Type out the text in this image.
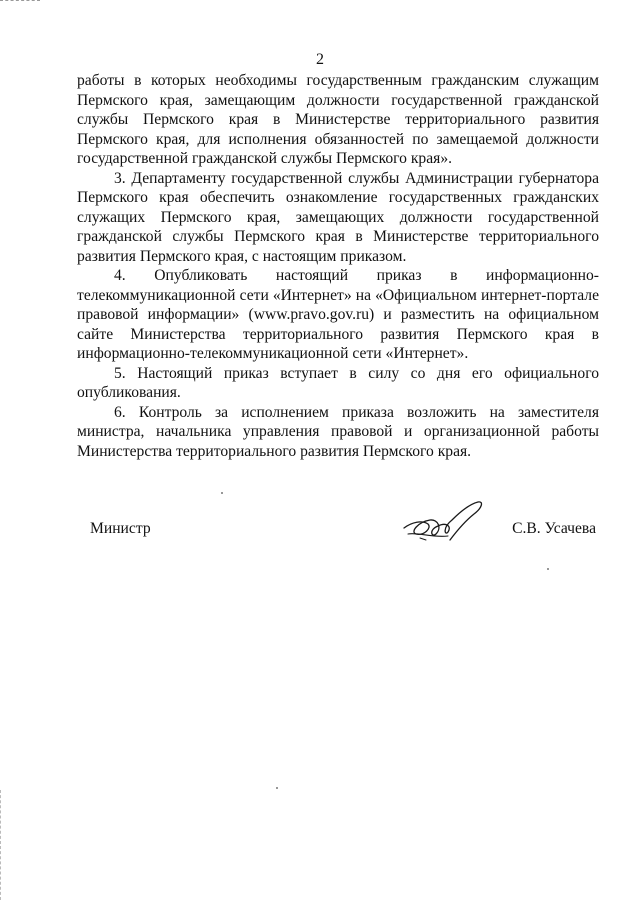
2

работы в которых необходимы государственным гражданским служащим Пермского края, замещающим должности государственной гражданской службы Пермского края в Министерстве территориального развития Пермского края, для исполнения обязанностей по замещаемой должности государственной гражданской службы Пермского края».

3. Департаменту государственной службы Администрации губернатора Пермского края обеспечить ознакомление государственных гражданских служащих Пермского края, замещающих должности государственной гражданской службы Пермского края в Министерстве территориального развития Пермского края, с настоящим приказом.

4. Опубликовать настоящий приказ в информационно-телекоммуникационной сети «Интернет» на «Официальном интернет-портале правовой информации» (www.pravo.gov.ru) и разместить на официальном сайте Министерства территориального развития Пермского края в информационно-телекоммуникационной сети «Интернет».

5. Настоящий приказ вступает в силу со дня его официального опубликования.

6. Контроль за исполнением приказа возложить на заместителя министра, начальника управления правовой и организационной работы Министерства территориального развития Пермского края.

Министр	С.В. Усачева
